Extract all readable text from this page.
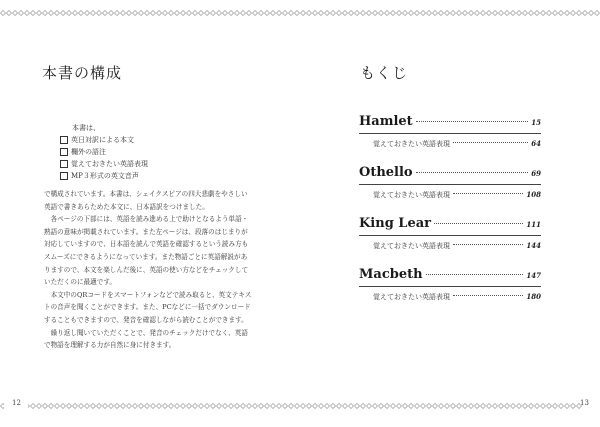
本書の構成
本書は、
英日対訳による本文
欄外の語注
覚えておきたい英語表現
MP３形式の英文音声

で構成されています。本書は、シェイクスピアの四大悲劇をやさしい英語で書きあらためた本文に、日本語訳をつけました。

各ページの下部には、英語を読み進める上で助けとなるよう単語・熟語の意味が掲載されています。また左ページは、段落のはじまりが対応していますので、日本語を読んで英語を確認するという読み方もスムーズにできるようになっています。また物語ごとに英語解説がありますので、本文を楽しんだ後に、英語の使い方などをチェックしていただくのに最適です。

本文中のQRコードをスマートフォンなどで読み取ると、英文テキストの音声を聞くことができます。また、PCなどに一括でダウンロードすることもできますので、発音を確認しながら読むことができます。

繰り返し聞いていただくことで、発音のチェックだけでなく、英語で物語を理解する力が自然に身に付きます。

12
もくじ
Hamlet	15
覚えておきたい英語表現	64
Othello	69
覚えておきたい英語表現	108
King Lear	111
覚えておきたい英語表現	144
Macbeth	147
覚えておきたい英語表現	180
13
